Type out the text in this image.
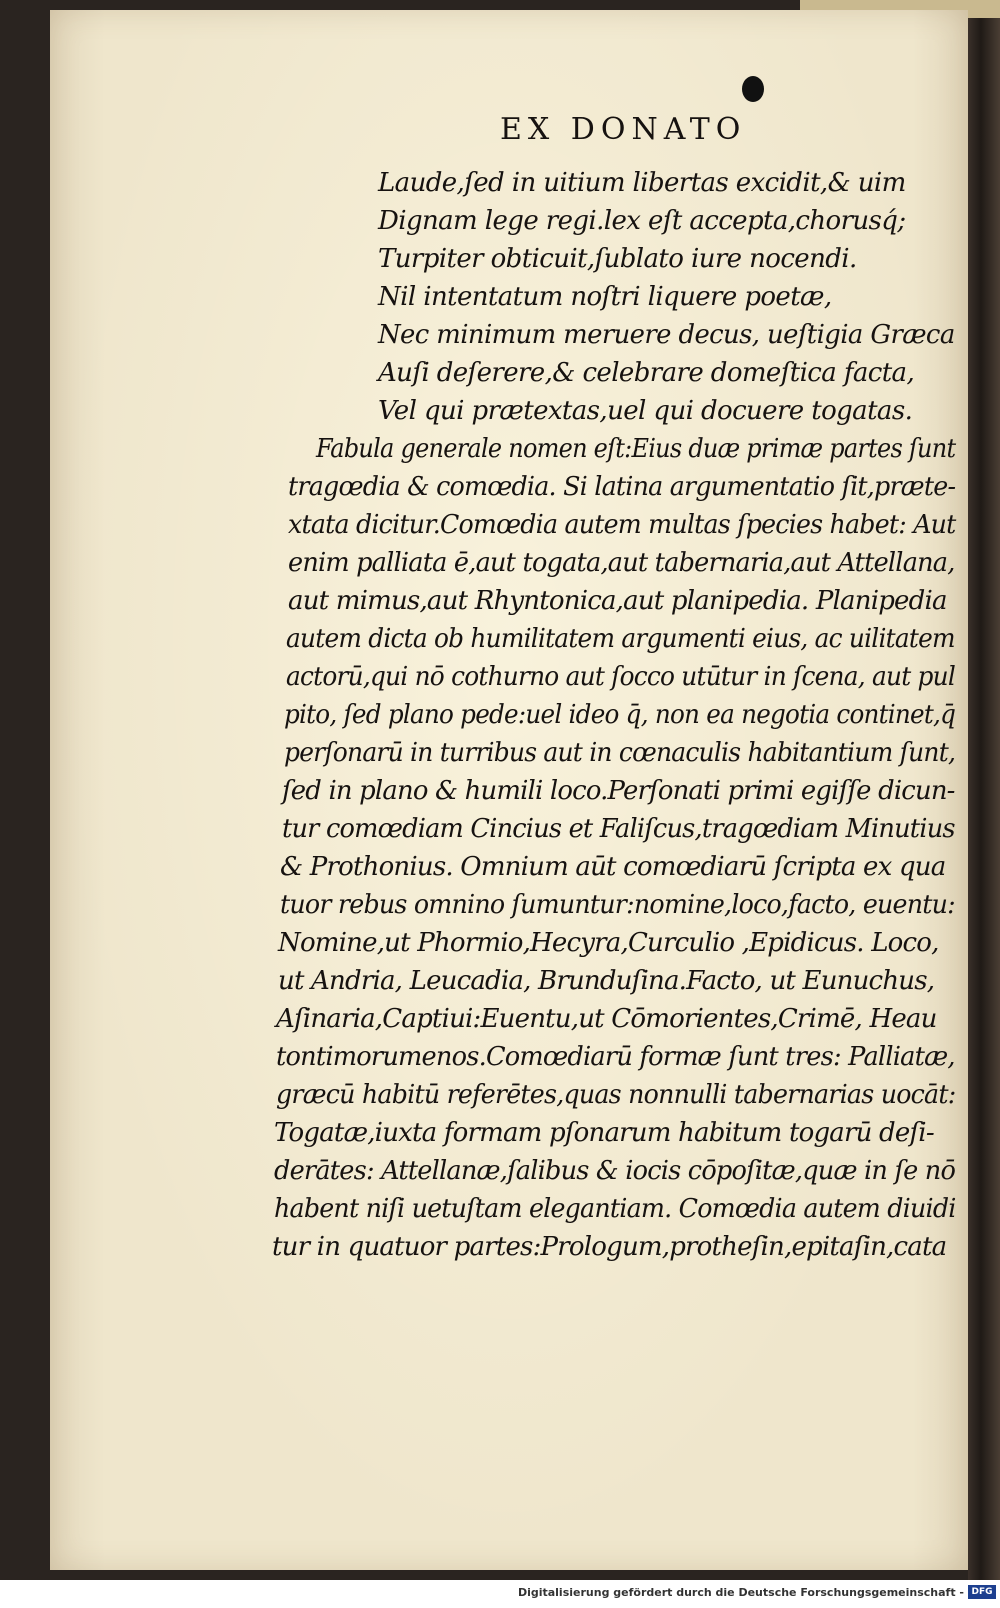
EX DONATO
Laude,ſed in uitium libertas excidit,& uim
Dignam lege regi.lex eſt accepta,chorusq́;
Turpiter obticuit,ſublato iure nocendi.
Nil intentatum noſtri liquere poetæ,
Nec minimum meruere decus, ueſtigia Græca
Auſi deſerere,& celebrare domeſtica facta,
Vel qui prætextas,uel qui docuere togatas.
Fabula generale nomen eſt:Eius duæ primæ partes ſunt
tragœdia & comœdia. Si latina argumentatio ſit,præte-
xtata dicitur.Comœdia autem multas ſpecies habet: Aut
enim palliata ē,aut togata,aut tabernaria,aut Attellana,
aut mimus,aut Rhyntonica,aut planipedia. Planipedia
autem dicta ob humilitatem argumenti eius, ac uilitatem
actorū,qui nō cothurno aut ſocco utūtur in ſcena, aut pul
pito, ſed plano pede:uel ideo q̄, non ea negotia continet,q̄
perſonarū in turribus aut in cœnaculis habitantium ſunt,
ſed in plano & humili loco.Perſonati primi egiſſe dicun-
tur comœdiam Cincius et Faliſcus,tragœdiam Minutius
& Prothonius. Omnium aūt comœdiarū ſcripta ex qua
tuor rebus omnino ſumuntur:nomine,loco,facto, euentu:
Nomine,ut Phormio,Hecyra,Curculio ,Epidicus. Loco,
ut Andria, Leucadia, Brunduſina.Facto, ut Eunuchus,
Aſinaria,Captiui:Euentu,ut Cōmorientes,Crimē, Heau
tontimorumenos.Comœdiarū formæ ſunt tres: Palliatæ,
græcū habitū referētes,quas nonnulli tabernarias uocāt:
Togatæ,iuxta formam pſonarum habitum togarū deſi-
derātes: Attellanæ,ſalibus & iocis cōpoſitæ,quæ in ſe nō
habent niſi uetuſtam elegantiam. Comœdia autem diuidi
tur in quatuor partes:Prologum,protheſin,epitaſin,cata
Digitalisierung gefördert durch die Deutsche Forschungsgemeinschaft - DFG
